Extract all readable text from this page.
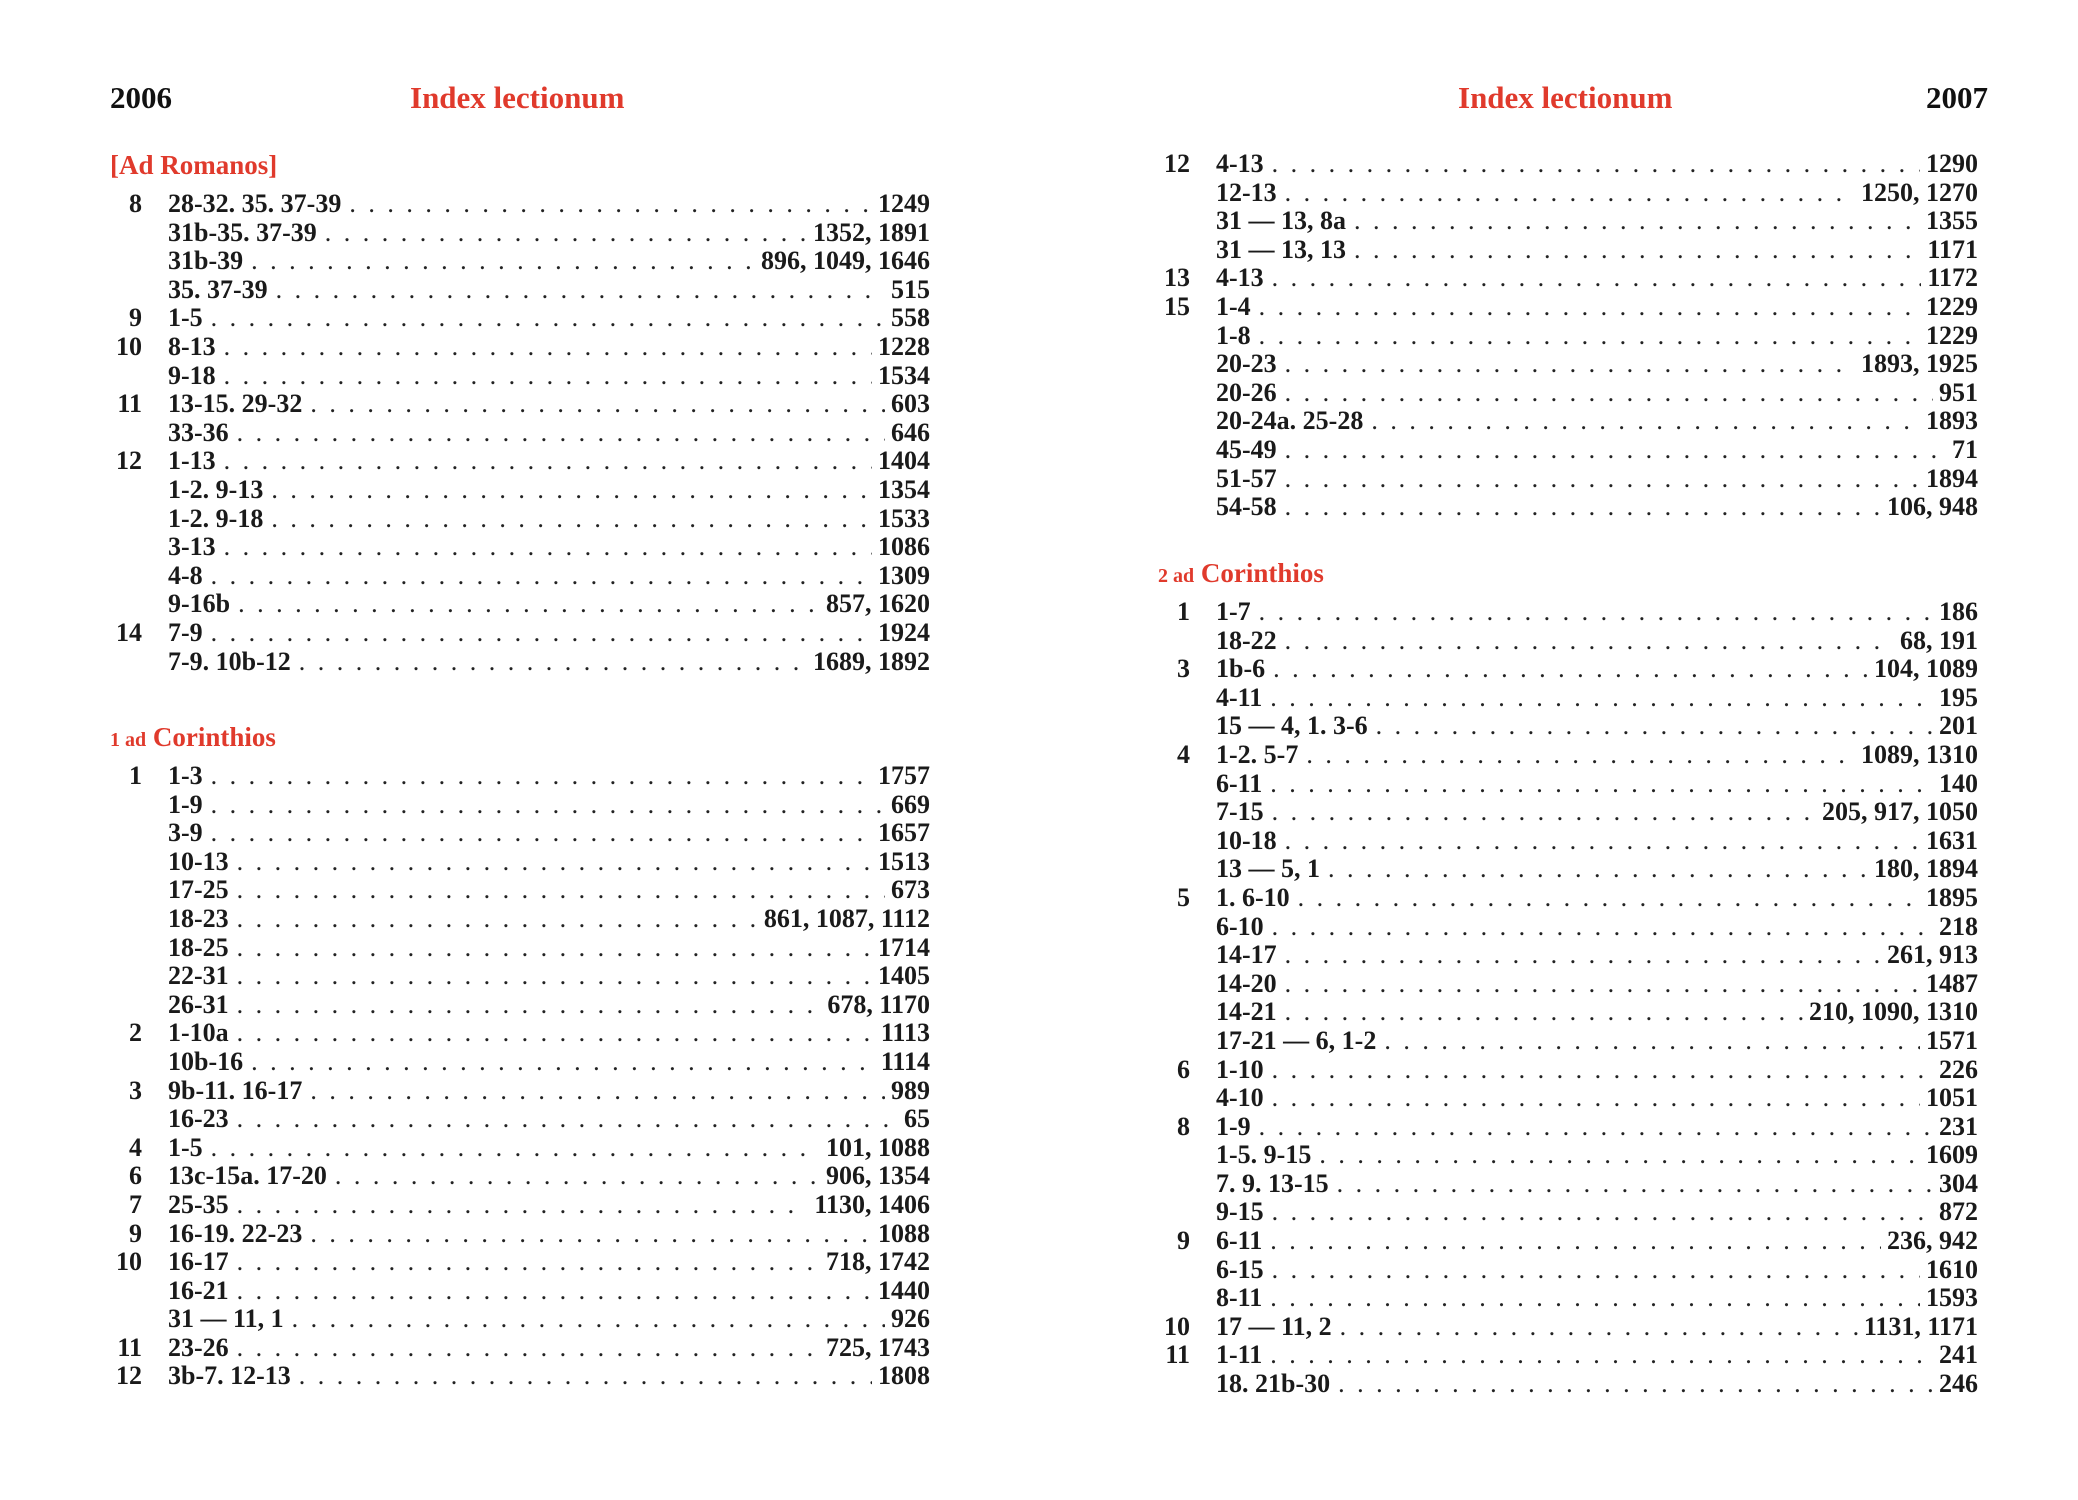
2006	Index lectionum
[Ad Romanos]
8 28-32. 35. 37-39 . . .	1249
31b-35. 37-39 . . .	1352, 1891
31b-39 . . .	896, 1049, 1646
35. 37-39 . . .	515
9 1-5 . . .	558
10 8-13 . . .	1228
9-18 . . .	1534
11 13-15. 29-32 . . .	603
33-36 . . .	646
12 1-13 . . .	1404
1-2. 9-13 . . .	1354
1-2. 9-18 . . .	1533
3-13 . . .	1086
4-8 . . .	1309
9-16b . . .	857, 1620
14 7-9 . . .	1924
7-9. 10b-12 . . .	1689, 1892
1 ad Corinthios
1 1-3 . . .	1757
1-9 . . .	669
3-9 . . .	1657
10-13 . . .	1513
17-25 . . .	673
18-23 . . .	861, 1087, 1112
18-25 . . .	1714
22-31 . . .	1405
26-31 . . .	678, 1170
2 1-10a . . .	1113
10b-16 . . .	1114
3 9b-11. 16-17 . . .	989
16-23 . . .	65
4 1-5 . . .	101, 1088
6 13c-15a. 17-20 . . .	906, 1354
7 25-35 . . .	1130, 1406
9 16-19. 22-23 . . .	1088
10 16-17 . . .	718, 1742
16-21 . . .	1440
31 — 11, 1 . . .	926
11 23-26 . . .	725, 1743
12 3b-7. 12-13 . . .	1808
Index lectionum	2007
12 4-13 . . .	1290
12-13 . . .	1250, 1270
31 — 13, 8a . . .	1355
31 — 13, 13 . . .	1171
13 4-13 . . .	1172
15 1-4 . . .	1229
1-8 . . .	1229
20-23 . . .	1893, 1925
20-26 . . .	951
20-24a. 25-28 . . .	1893
45-49 . . .	71
51-57 . . .	1894
54-58 . . .	106, 948
2 ad Corinthios
1 1-7 . . .	186
18-22 . . .	68, 191
3 1b-6 . . .	104, 1089
4-11 . . .	195
15 — 4, 1. 3-6 . . .	201
4 1-2. 5-7 . . .	1089, 1310
6-11 . . .	140
7-15 . . .	205, 917, 1050
10-18 . . .	1631
13 — 5, 1 . . .	180, 1894
5 1. 6-10 . . .	1895
6-10 . . .	218
14-17 . . .	261, 913
14-20 . . .	1487
14-21 . . .	210, 1090, 1310
17-21 — 6, 1-2 . . .	1571
6 1-10 . . .	226
4-10 . . .	1051
8 1-9 . . .	231
1-5. 9-15 . . .	1609
7. 9. 13-15 . . .	304
9-15 . . .	872
9 6-11 . . .	236, 942
6-15 . . .	1610
8-11 . . .	1593
10 17 — 11, 2 . . .	1131, 1171
11 1-11 . . .	241
18. 21b-30 . . .	246
